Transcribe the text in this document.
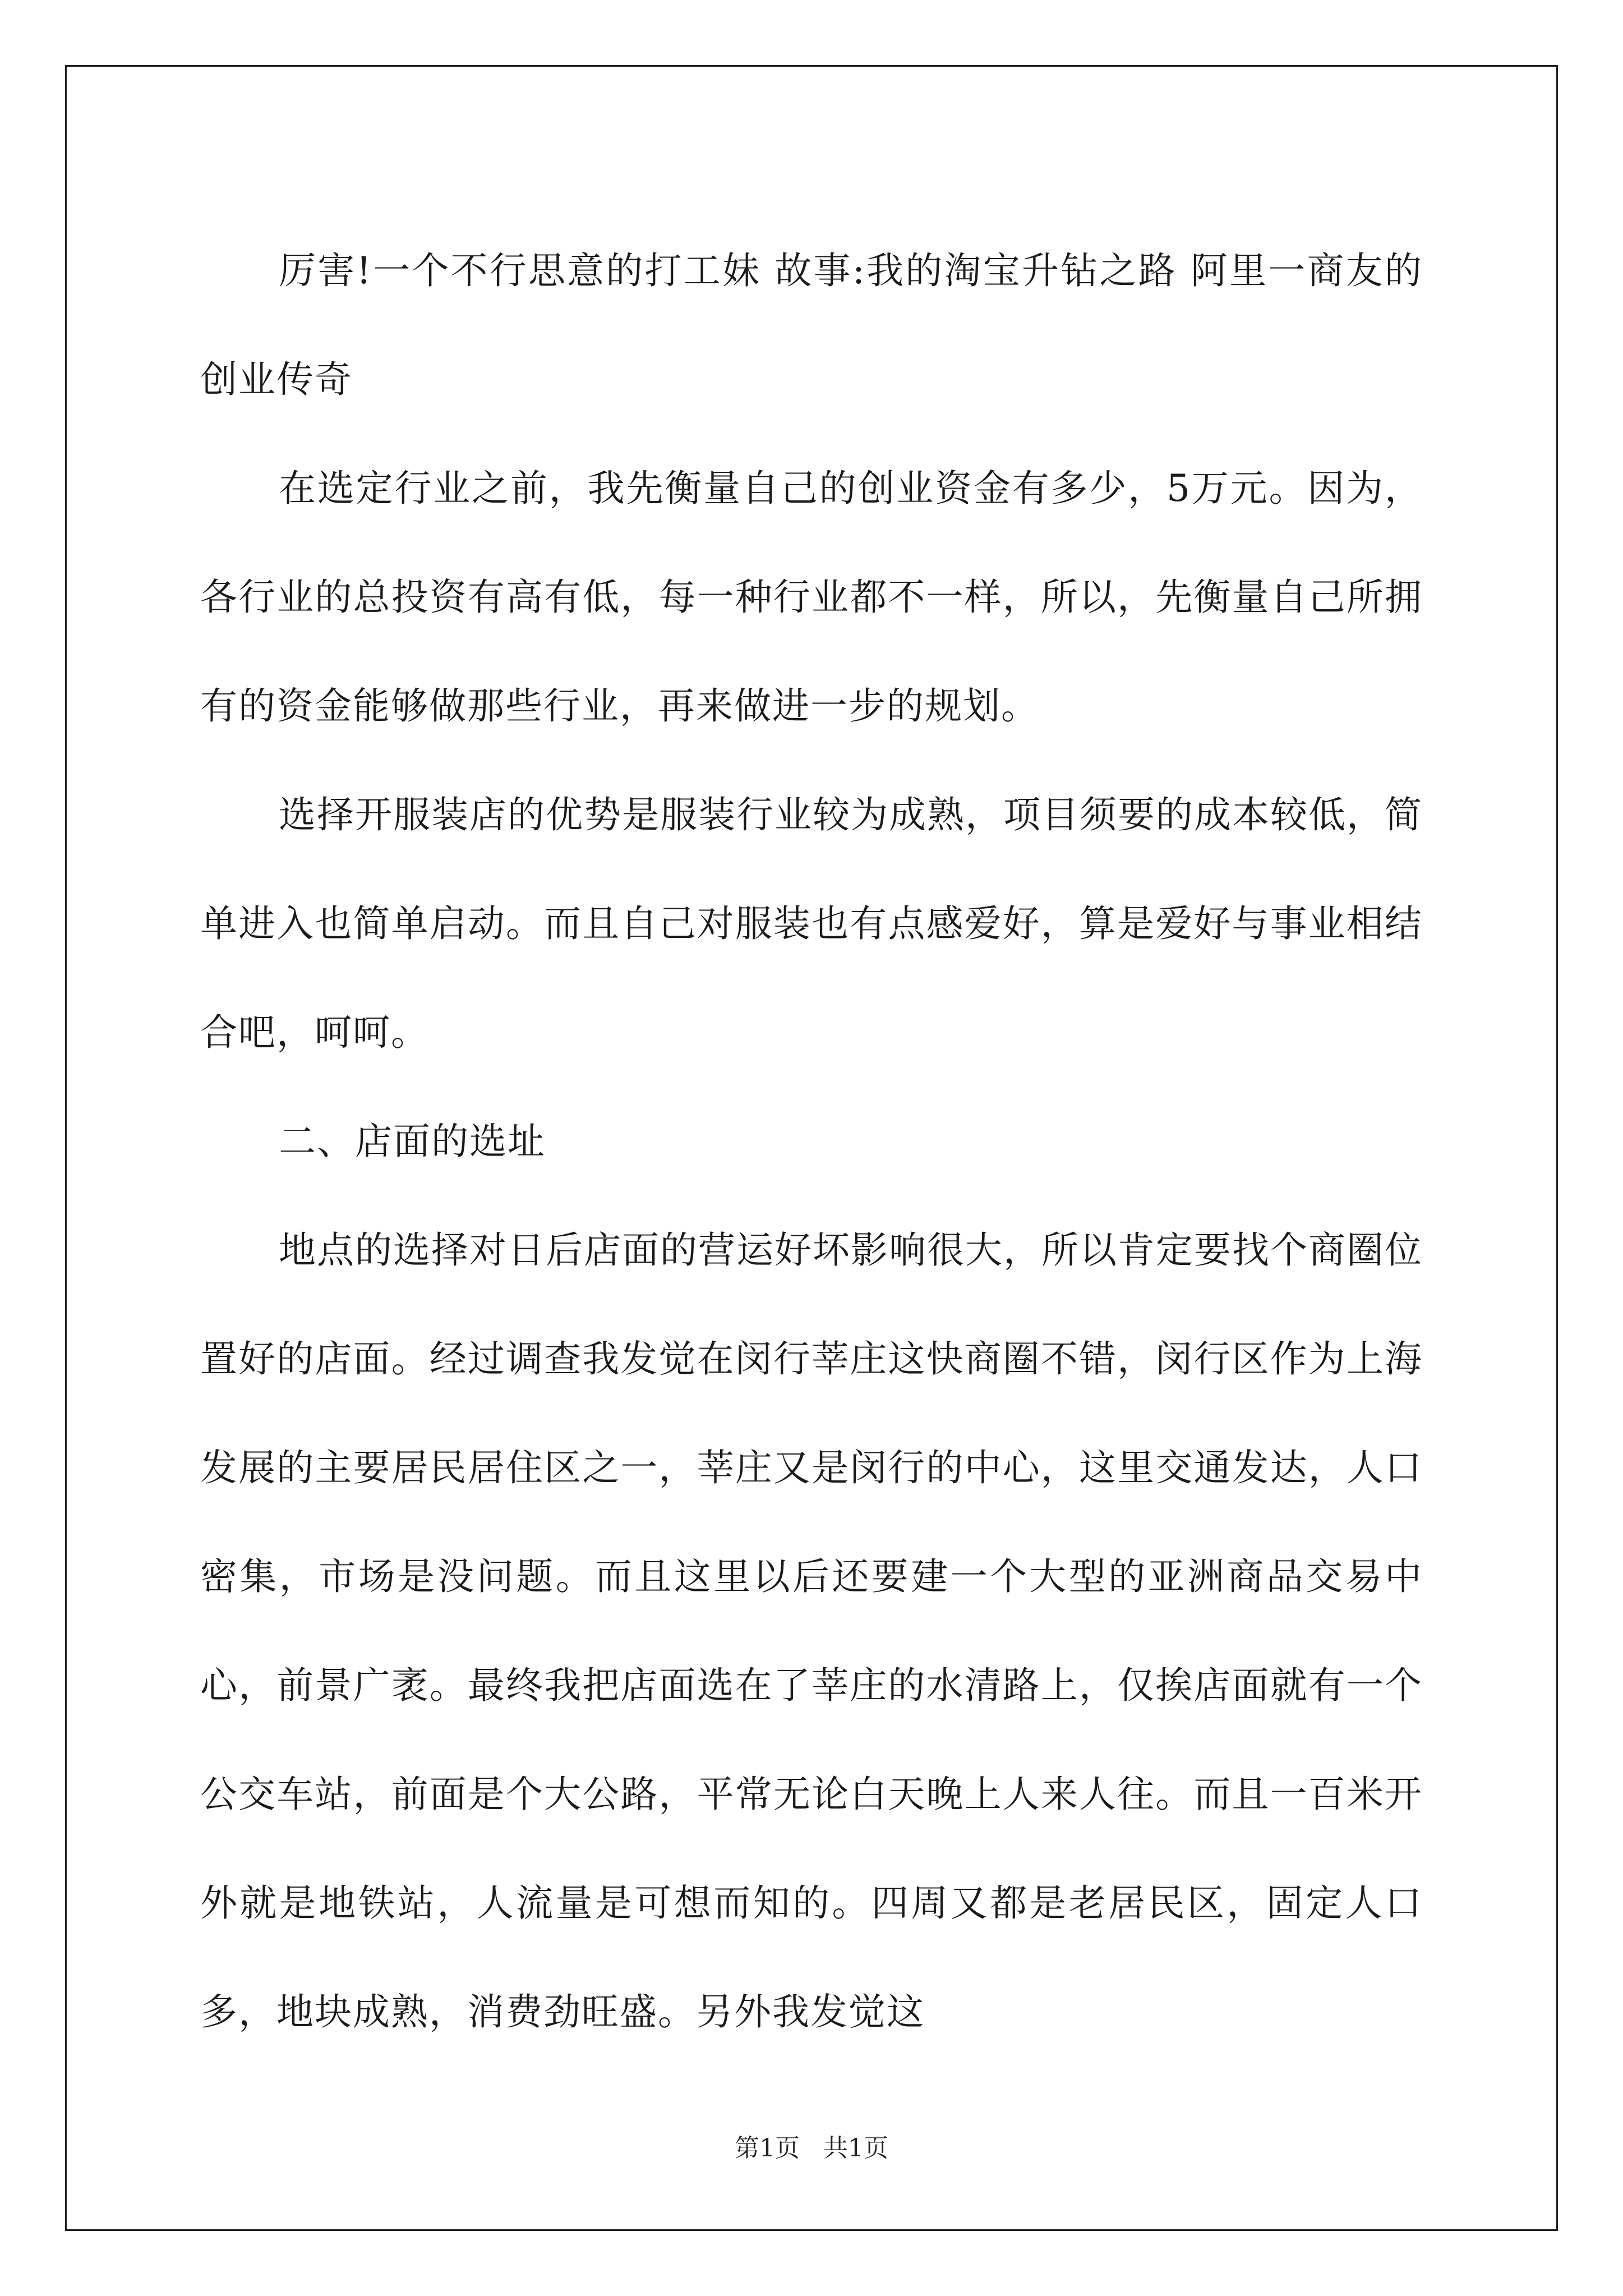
厉害!一个不行思意的打工妹 故事:我的淘宝升钻之路 阿里一商友的创业传奇

在选定行业之前，我先衡量自己的创业资金有多少，5万元。因为，各行业的总投资有高有低，每一种行业都不一样，所以，先衡量自己所拥有的资金能够做那些行业，再来做进一步的规划。

选择开服装店的优势是服装行业较为成熟，项目须要的成本较低，简单进入也简单启动。而且自己对服装也有点感爱好，算是爱好与事业相结合吧，呵呵。

二、店面的选址

地点的选择对日后店面的营运好坏影响很大，所以肯定要找个商圈位置好的店面。经过调查我发觉在闵行莘庄这快商圈不错，闵行区作为上海发展的主要居民居住区之一，莘庄又是闵行的中心，这里交通发达，人口密集，市场是没问题。而且这里以后还要建一个大型的亚洲商品交易中心，前景广袤。最终我把店面选在了莘庄的水清路上，仅挨店面就有一个公交车站，前面是个大公路，平常无论白天晚上人来人往。而且一百米开外就是地铁站，人流量是可想而知的。四周又都是老居民区，固定人口多，地块成熟，消费劲旺盛。另外我发觉这

第1页 共1页
